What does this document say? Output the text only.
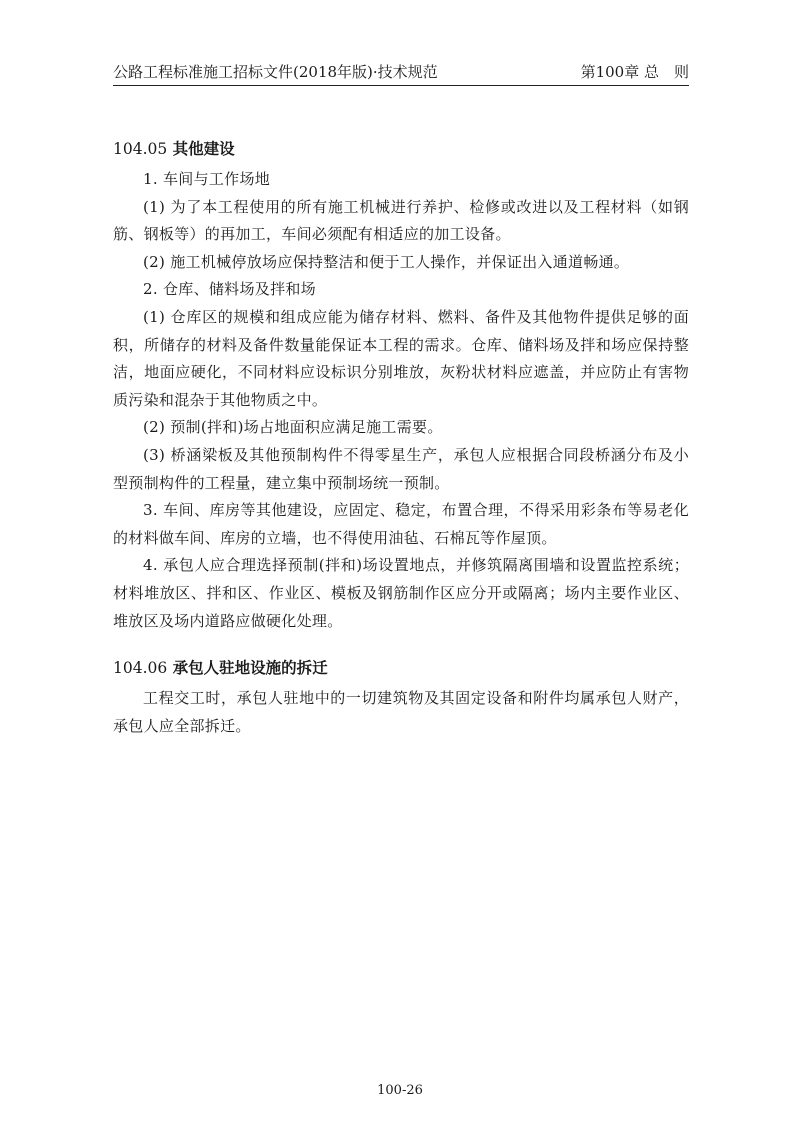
公路工程标准施工招标文件(2018年版)·技术规范	第100章 总　则
104.05 其他建设

1. 车间与工作场地

(1) 为了本工程使用的所有施工机械进行养护、检修或改进以及工程材料（如钢筋、钢板等）的再加工，车间必须配有相适应的加工设备。

(2) 施工机械停放场应保持整洁和便于工人操作，并保证出入通道畅通。

2. 仓库、储料场及拌和场

(1) 仓库区的规模和组成应能为储存材料、燃料、备件及其他物件提供足够的面积，所储存的材料及备件数量能保证本工程的需求。仓库、储料场及拌和场应保持整洁，地面应硬化，不同材料应设标识分别堆放，灰粉状材料应遮盖，并应防止有害物质污染和混杂于其他物质之中。

(2) 预制(拌和)场占地面积应满足施工需要。

(3) 桥涵梁板及其他预制构件不得零星生产，承包人应根据合同段桥涵分布及小型预制构件的工程量，建立集中预制场统一预制。

3. 车间、库房等其他建设，应固定、稳定，布置合理，不得采用彩条布等易老化的材料做车间、库房的立墙，也不得使用油毡、石棉瓦等作屋顶。

4. 承包人应合理选择预制(拌和)场设置地点，并修筑隔离围墙和设置监控系统；材料堆放区、拌和区、作业区、模板及钢筋制作区应分开或隔离；场内主要作业区、堆放区及场内道路应做硬化处理。

104.06 承包人驻地设施的拆迁

工程交工时，承包人驻地中的一切建筑物及其固定设备和附件均属承包人财产，承包人应全部拆迁。

100-26
